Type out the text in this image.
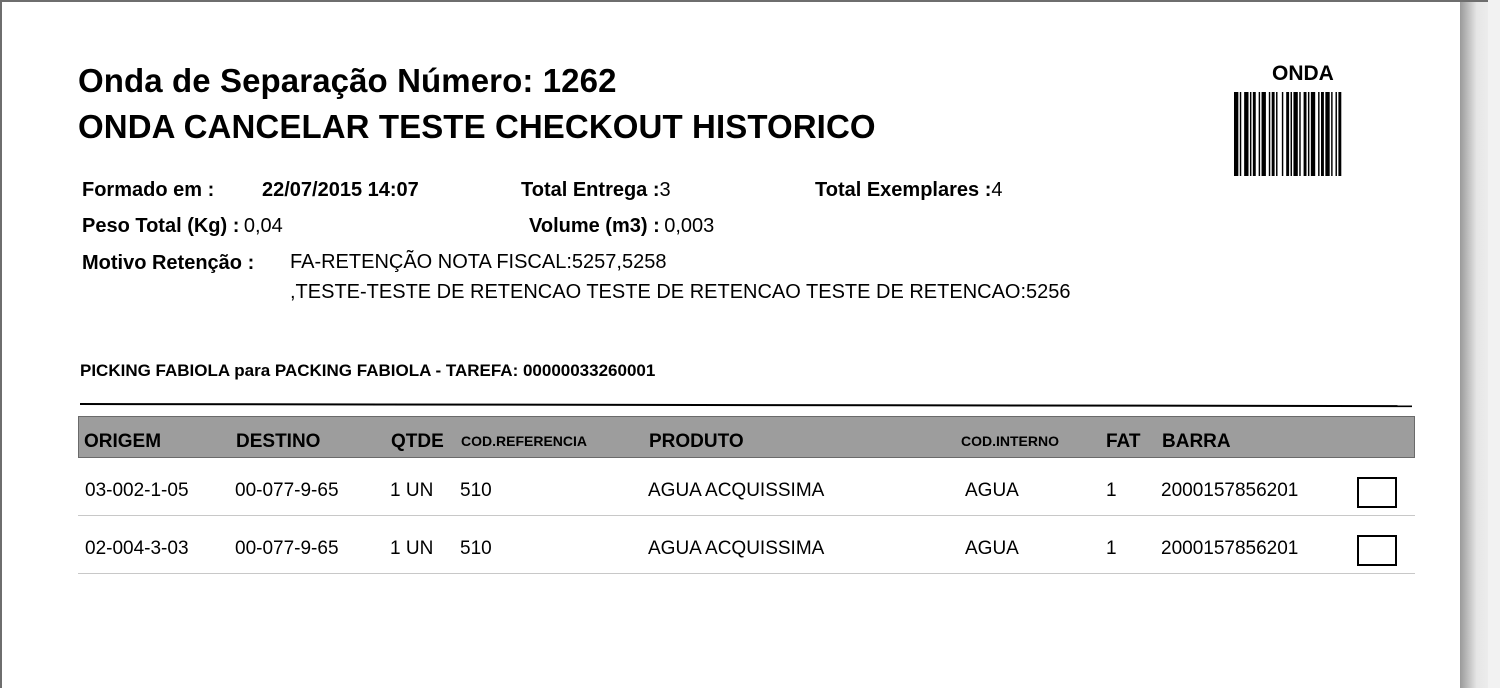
Onda de Separação Número: 1262
ONDA CANCELAR TESTE CHECKOUT HISTORICO
ONDA
Formado em : 22/07/2015 14:07	Total Entrega :3	Total Exemplares :4
Peso Total (Kg) : 0,04	Volume (m3) : 0,003
Motivo Retenção : FA-RETENÇÃO NOTA FISCAL:5257,5258
,TESTE-TESTE DE RETENCAO TESTE DE RETENCAO TESTE DE RETENCAO:5256
PICKING FABIOLA para PACKING FABIOLA - TAREFA: 00000033260001
ORIGEM	DESTINO	QTDE COD.REFERENCIA	PRODUTO	COD.INTERNO FAT BARRA
03-002-1-05 00-077-9-65	1 UN 510	AGUA ACQUISSIMA	AGUA	1 2000157856201
02-004-3-03 00-077-9-65	1 UN 510	AGUA ACQUISSIMA	AGUA	1 2000157856201
